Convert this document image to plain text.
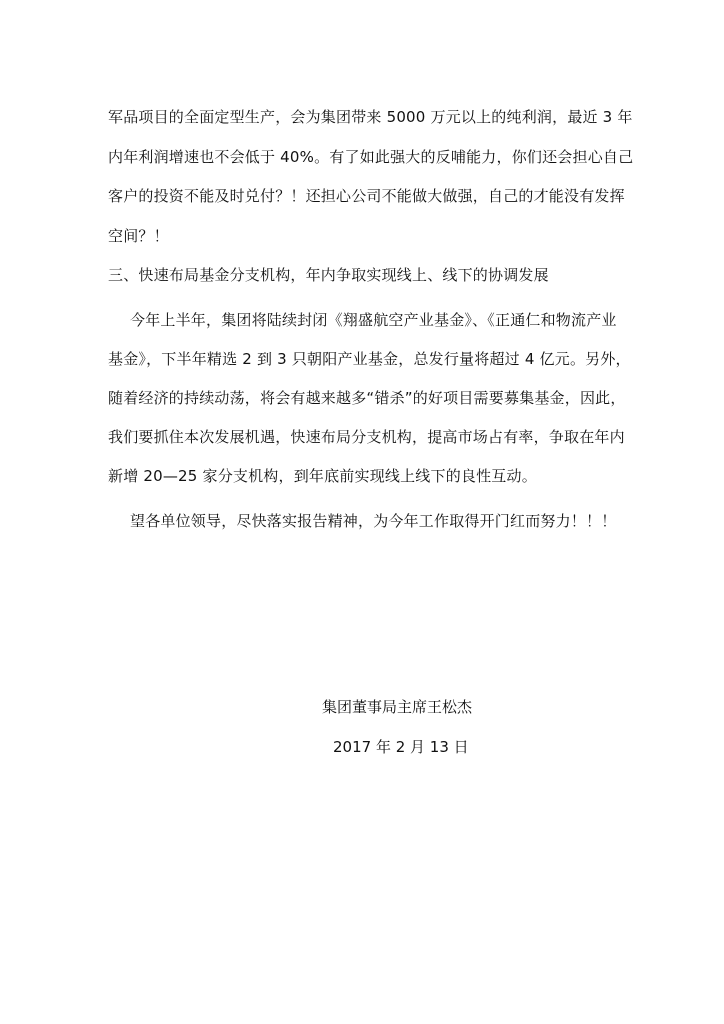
军品项目的全面定型生产，会为集团带来 5000 万元以上的纯利润，最近 3 年
内年利润增速也不会低于 40%。有了如此强大的反哺能力，你们还会担心自己
客户的投资不能及时兑付？！还担心公司不能做大做强，自己的才能没有发挥
空间？！
三、快速布局基金分支机构，年内争取实现线上、线下的协调发展
今年上半年，集团将陆续封闭《翔盛航空产业基金》、《正通仁和物流产业
基金》，下半年精选 2 到 3 只朝阳产业基金，总发行量将超过 4 亿元。另外，
随着经济的持续动荡，将会有越来越多“错杀”的好项目需要募集基金，因此，
我们要抓住本次发展机遇，快速布局分支机构，提高市场占有率，争取在年内
新增 20—25 家分支机构，到年底前实现线上线下的良性互动。
望各单位领导，尽快落实报告精神，为今年工作取得开门红而努力！！！
集团董事局主席王松杰
2017 年 2 月 13 日
